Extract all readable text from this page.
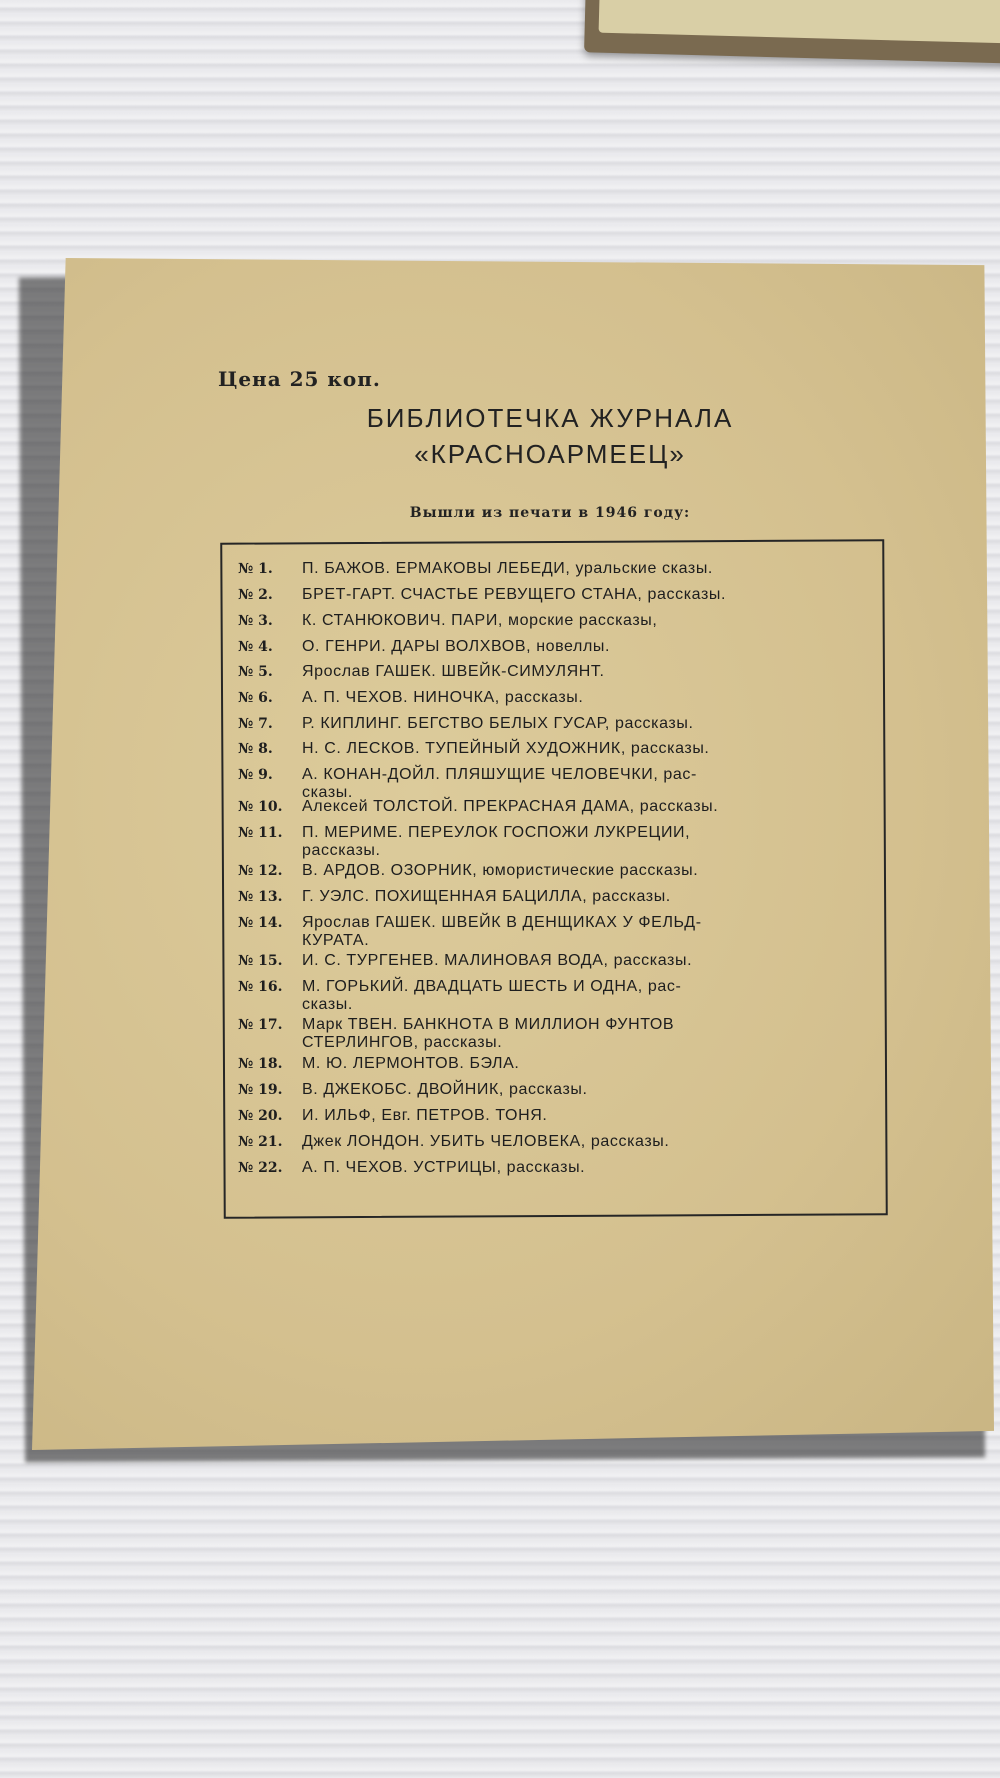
Цена 25 коп.
БИБЛИОТЕЧКА ЖУРНАЛА
«КРАСНОАРМЕЕЦ»
Вышли из печати в 1946 году:
№ 1. П. БАЖОВ. ЕРМАКОВЫ ЛЕБЕДИ, уральские сказы.
№ 2. БРЕТ-ГАРТ. СЧАСТЬЕ РЕВУЩЕГО СТАНА, рассказы.
№ 3. К. СТАНЮКОВИЧ. ПАРИ, морские рассказы,
№ 4. О. ГЕНРИ. ДАРЫ ВОЛХВОВ, новеллы.
№ 5. Ярослав ГАШЕК. ШВЕЙК-СИМУЛЯНТ.
№ 6. А. П. ЧЕХОВ. НИНОЧКА, рассказы.
№ 7. Р. КИПЛИНГ. БЕГСТВО БЕЛЫХ ГУСАР, рассказы.
№ 8. Н. С. ЛЕСКОВ. ТУПЕЙНЫЙ ХУДОЖНИК, рассказы.
№ 9. А. КОНАН-ДОЙЛ. ПЛЯШУЩИЕ ЧЕЛОВЕЧКИ, рас-
сказы.
№ 10. Алексей ТОЛСТОЙ. ПРЕКРАСНАЯ ДАМА, рассказы.
№ 11. П. МЕРИМЕ. ПЕРЕУЛОК ГОСПОЖИ ЛУКРЕЦИИ,
рассказы.
№ 12. В. АРДОВ. ОЗОРНИК, юмористические рассказы.
№ 13. Г. УЭЛС. ПОХИЩЕННАЯ БАЦИЛЛА, рассказы.
№ 14. Ярослав ГАШЕК. ШВЕЙК В ДЕНЩИКАХ У ФЕЛЬД-
КУРАТА.
№ 15. И. С. ТУРГЕНЕВ. МАЛИНОВАЯ ВОДА, рассказы.
№ 16. М. ГОРЬКИЙ. ДВАДЦАТЬ ШЕСТЬ И ОДНА, рас-
сказы.
№ 17. Марк ТВЕН. БАНКНОТА В МИЛЛИОН ФУНТОВ
СТЕРЛИНГОВ, рассказы.
№ 18. М. Ю. ЛЕРМОНТОВ. БЭЛА.
№ 19. В. ДЖЕКОБС. ДВОЙНИК, рассказы.
№ 20. И. ИЛЬФ, Евг. ПЕТРОВ. ТОНЯ.
№ 21. Джек ЛОНДОН. УБИТЬ ЧЕЛОВЕКА, рассказы.
№ 22. А. П. ЧЕХОВ. УСТРИЦЫ, рассказы.
